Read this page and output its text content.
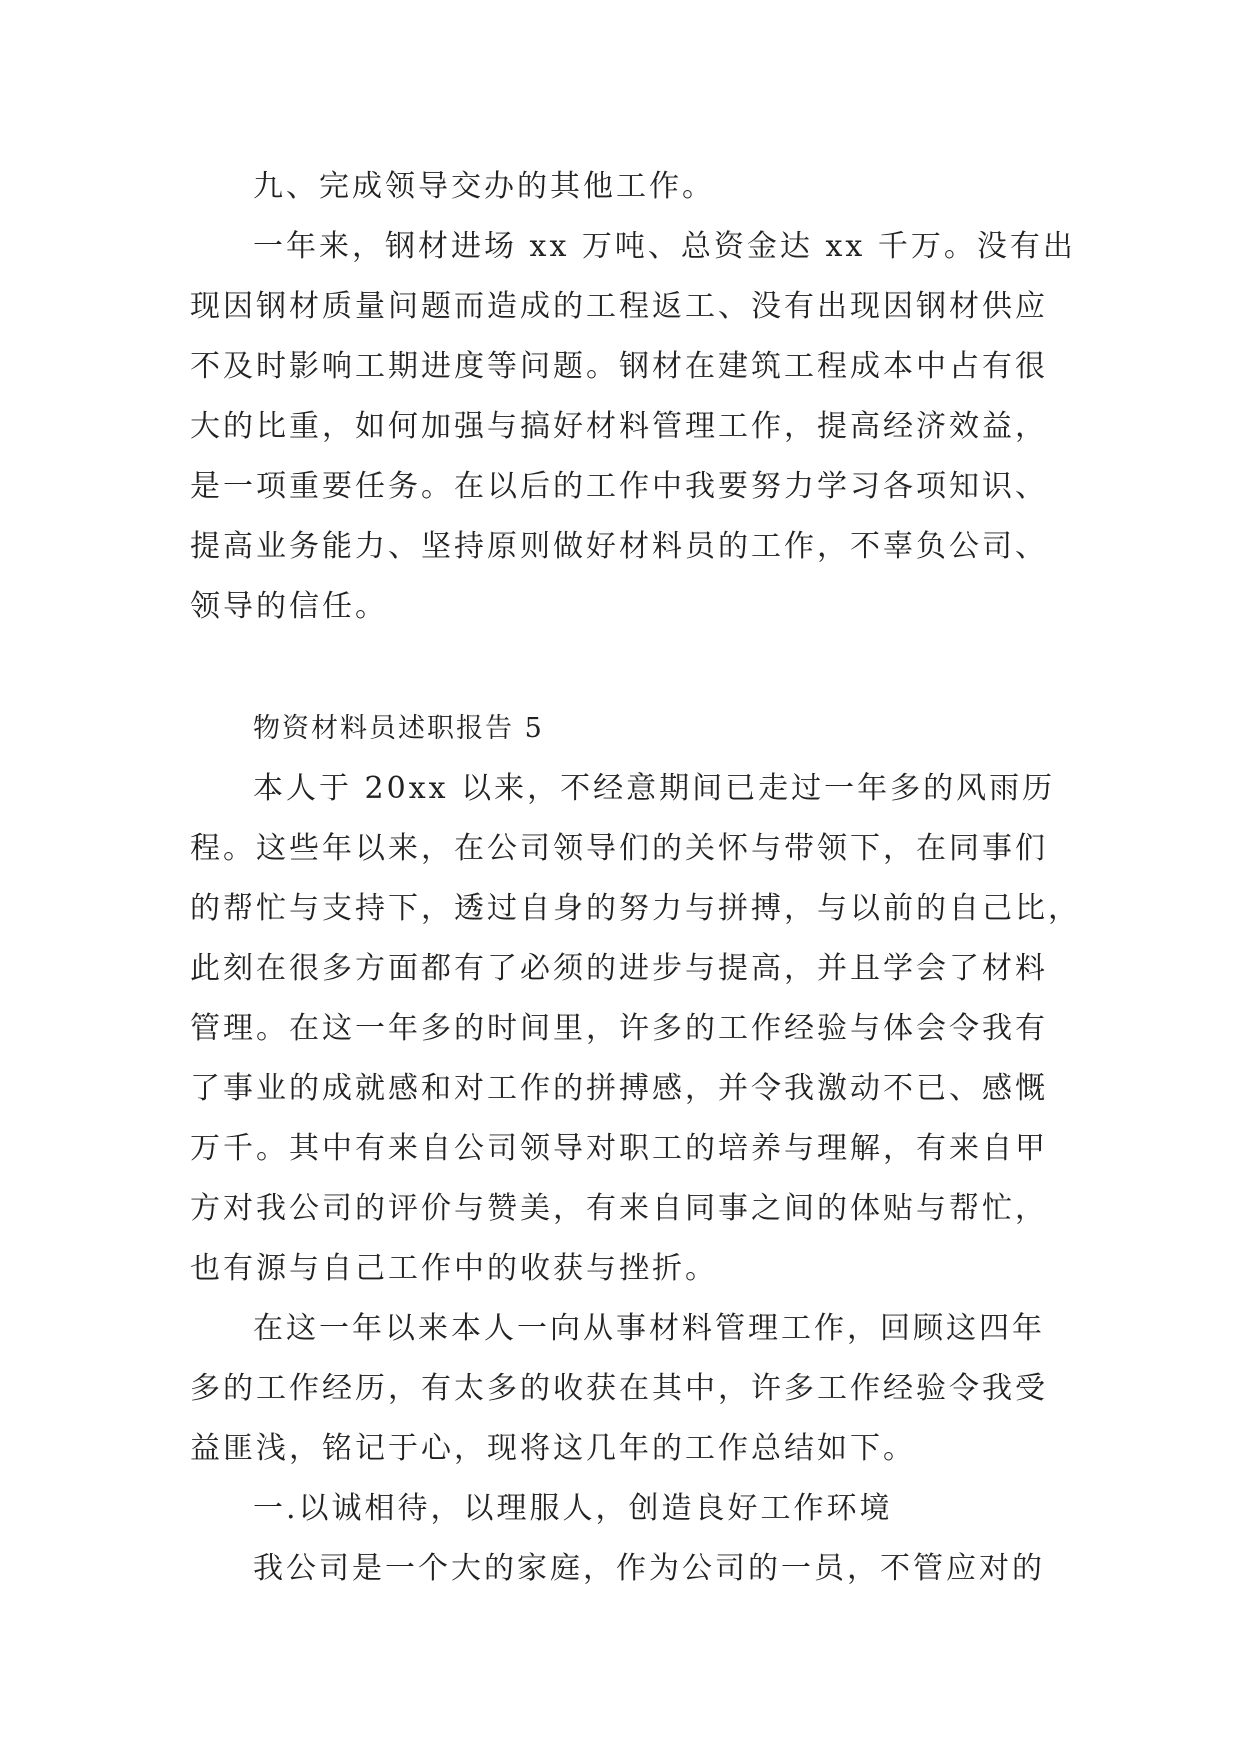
九、完成领导交办的其他工作。
一年来，钢材进场 xx 万吨、总资金达 xx 千万。没有出
现因钢材质量问题而造成的工程返工、没有出现因钢材供应
不及时影响工期进度等问题。钢材在建筑工程成本中占有很
大的比重，如何加强与搞好材料管理工作，提高经济效益，
是一项重要任务。在以后的工作中我要努力学习各项知识、
提高业务能力、坚持原则做好材料员的工作，不辜负公司、
领导的信任。
物资材料员述职报告 5
本人于 20xx 以来，不经意期间已走过一年多的风雨历
程。这些年以来，在公司领导们的关怀与带领下，在同事们
的帮忙与支持下，透过自身的努力与拼搏，与以前的自己比，
此刻在很多方面都有了必须的进步与提高，并且学会了材料
管理。在这一年多的时间里，许多的工作经验与体会令我有
了事业的成就感和对工作的拼搏感，并令我激动不已、感慨
万千。其中有来自公司领导对职工的培养与理解，有来自甲
方对我公司的评价与赞美，有来自同事之间的体贴与帮忙，
也有源与自己工作中的收获与挫折。
在这一年以来本人一向从事材料管理工作，回顾这四年
多的工作经历，有太多的收获在其中，许多工作经验令我受
益匪浅，铭记于心，现将这几年的工作总结如下。
一.以诚相待，以理服人，创造良好工作环境
我公司是一个大的家庭，作为公司的一员，不管应对的
